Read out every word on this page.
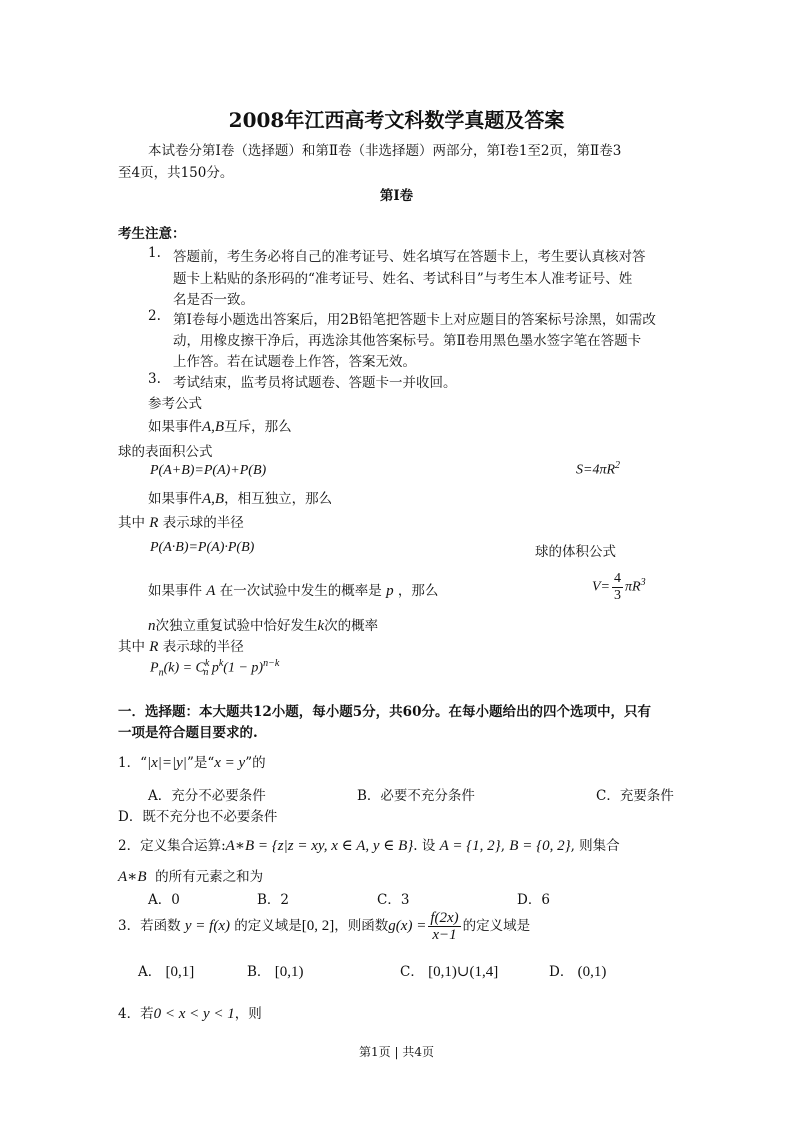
2008年江西高考文科数学真题及答案
本试卷分第Ⅰ卷（选择题）和第Ⅱ卷（非选择题）两部分，第Ⅰ卷1至2页，第Ⅱ卷3
至4页，共150分。
第Ⅰ卷
考生注意：
1. 答题前，考生务必将自己的准考证号、姓名填写在答题卡上，考生要认真核对答
题卡上粘贴的条形码的“准考证号、姓名、考试科目”与考生本人准考证号、姓
名是否一致。
2. 第Ⅰ卷每小题选出答案后，用2B铅笔把答题卡上对应题目的答案标号涂黑，如需改
动，用橡皮擦干净后，再选涂其他答案标号。第Ⅱ卷用黑色墨水签字笔在答题卡
上作答。若在试题卷上作答，答案无效。
3. 考试结束，监考员将试题卷、答题卡一并收回。
参考公式
如果事件A,B互斥，那么
球的表面积公式
P(A+B)=P(A)+P(B)	$S=4\pi R^2$
如果事件A,B，相互独立，那么
其中 R 表示球的半径
P(A·B)=P(A)·P(B)	球的体积公式
如果事件 A 在一次试验中发生的概率是 p ，那么	$V= \frac{4}{3} \pi R^3$
n次独立重复试验中恰好发生k次的概率
其中 R 表示球的半径
$P_n(k) = C^k_n$ $p^k(1 - p)^{n-k}$
一．选择题：本大题共12小题，每小题5分，共60分。在每小题给出的四个选项中，只有
一项是符合题目要求的.
1．“|x|=|y|”是“x = y”的
A．充分不必要条件	B．必要不充分条件	C．充要条件
D．既不充分也不必要条件
2．定义集合运算:A∗B = {z|z = xy, x ∈ A, y ∈ B}. 设 A = {1, 2}, B = {0, 2}, 则集合
A∗B 的所有元素之和为
A．0	B．2	C．3	D．6
3．若函数 y = f(x) 的定义域是[0, 2]，则函数$g(x) = \frac{f(2x)}{x-1}$ 的定义域是
A． [0,1]	B． [0,1)	C． [0,1)∪(1,4]	D． (0,1)
4．若0 < x < y < 1，则
第1页 | 共4页
